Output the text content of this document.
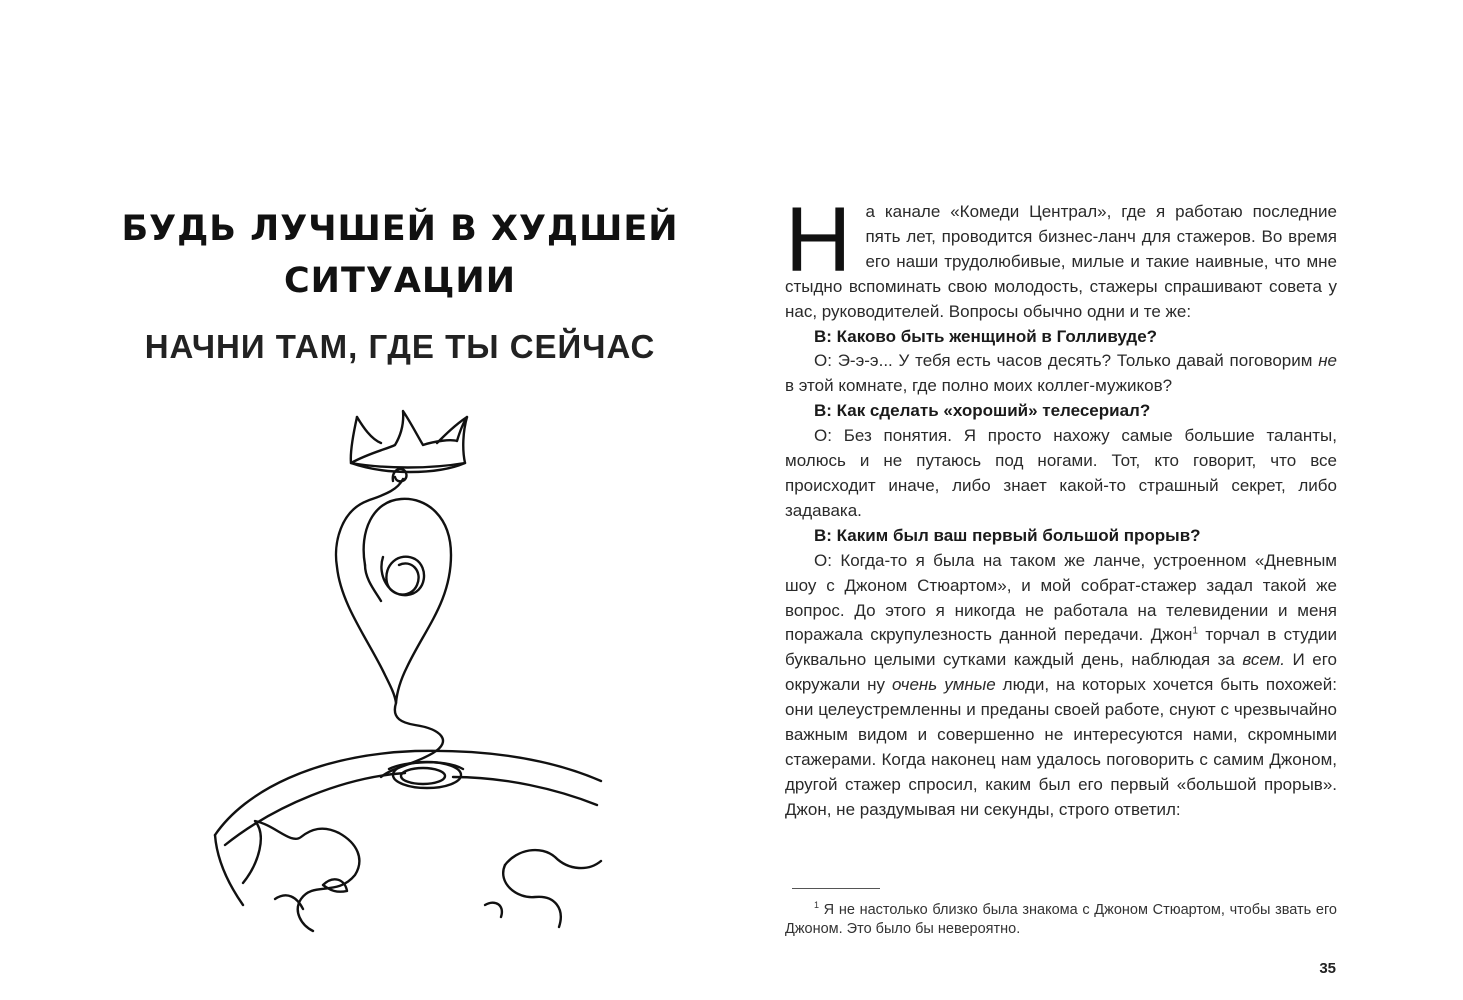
БУДЬ ЛУЧШЕЙ В ХУДШЕЙ
СИТУАЦИИ
НАЧНИ ТАМ, ГДЕ ТЫ СЕЙЧАС

На канале «Комеди Централ», где я работаю последние пять лет, проводится бизнес-ланч для стажеров. Во время его наши трудолюбивые, милые и такие наивные, что мне стыдно вспоминать свою молодость, стажеры спрашивают совета у нас, руководителей. Вопросы обычно одни и те же:

В: Каково быть женщиной в Голливуде?

О: Э-э-э... У тебя есть часов десять? Только давай поговорим не в этой комнате, где полно моих коллег-мужиков?

В: Как сделать «хороший» телесериал?

О: Без понятия. Я просто нахожу самые большие таланты, молюсь и не путаюсь под ногами. Тот, кто говорит, что все происходит иначе, либо знает какой-то страшный секрет, либо задавака.

В: Каким был ваш первый большой прорыв?

О: Когда-то я была на таком же ланче, устроенном «Дневным шоу с Джоном Стюартом», и мой собрат-стажер задал такой же вопрос. До этого я никогда не работала на телевидении и меня поражала скрупулезность данной передачи. Джон$^1$ торчал в студии буквально целыми сутками каждый день, наблюдая за всем. И его окружали ну очень умные люди, на которых хочется быть похожей: они целеустремленны и преданы своей работе, снуют с чрезвычайно важным видом и совершенно не интересуются нами, скромными стажерами. Когда наконец нам удалось поговорить с самим Джоном, другой стажер спросил, каким был его первый «большой прорыв». Джон, не раздумывая ни секунды, строго ответил:

$^1$ Я не настолько близко была знакома с Джоном Стюартом, чтобы звать его Джоном. Это было бы невероятно.

35
